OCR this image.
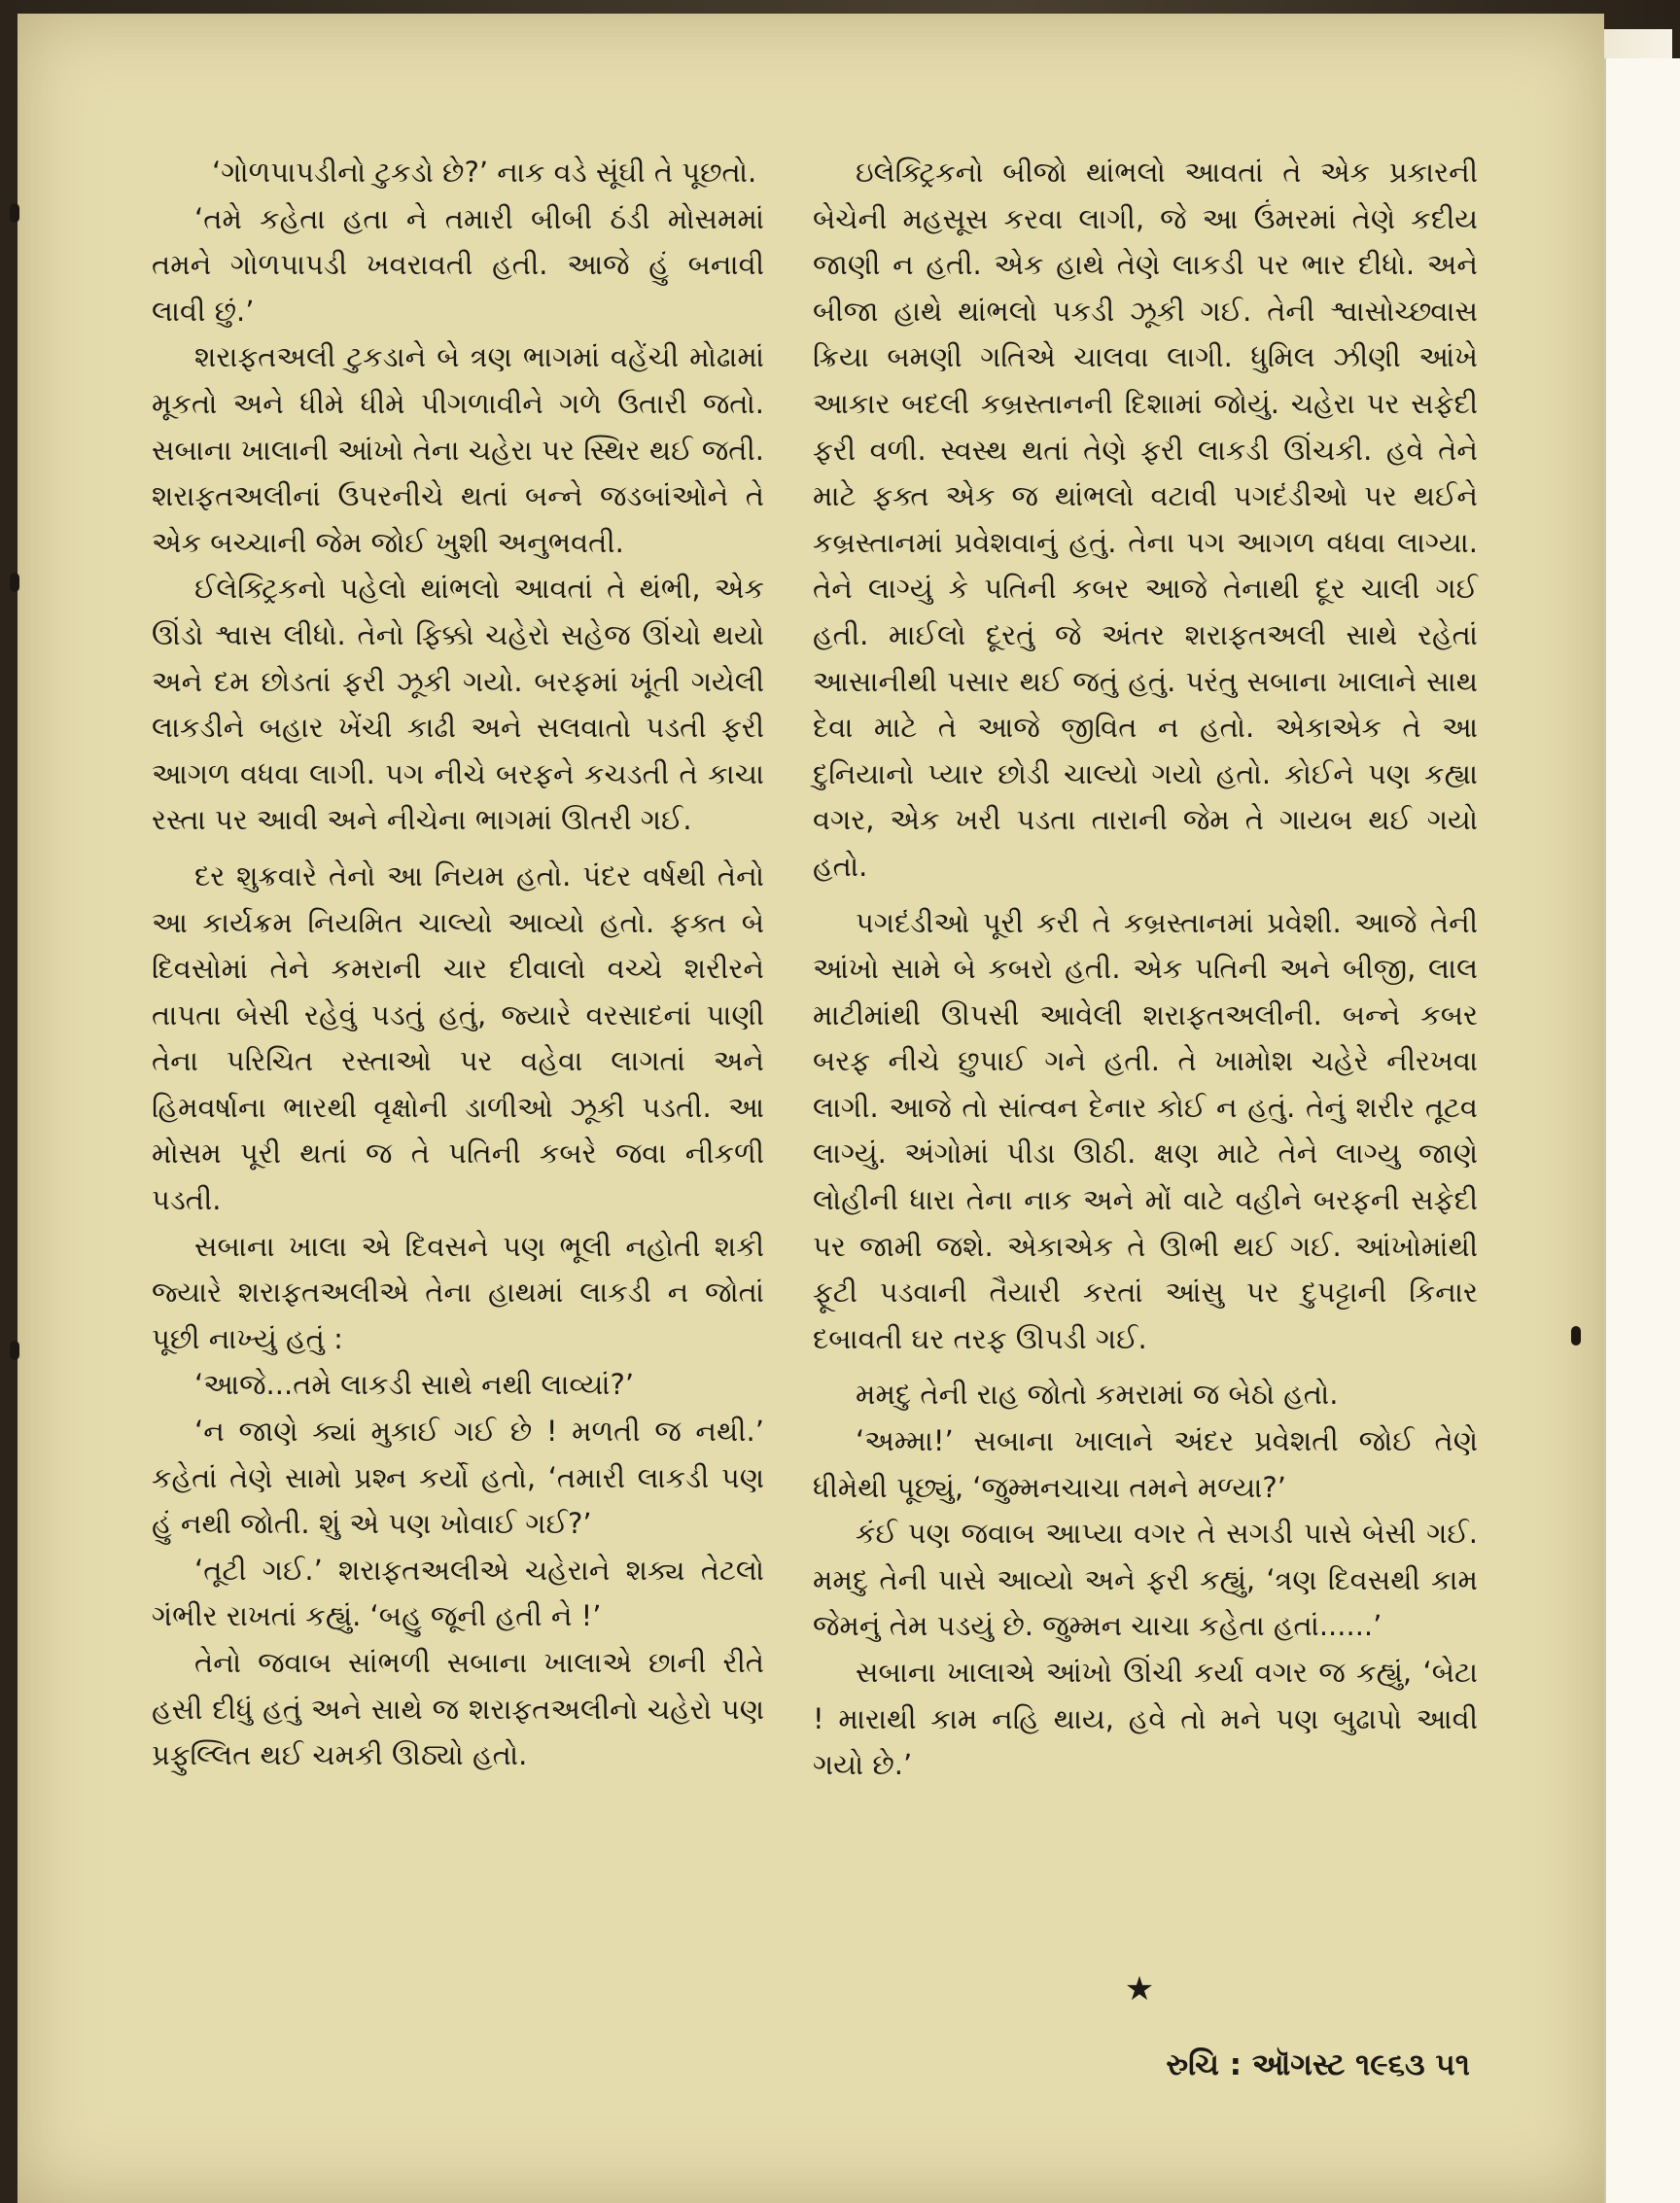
‘ગોળપાપડીનો ટુકડો છે?’ નાક વડે સૂંઘી તે પૂછતો.

‘તમે કહેતા હતા ને તમારી બીબી ઠંડી મોસમમાં તમને ગોળપાપડી ખવરાવતી હતી. આજે હું બનાવી લાવી છું.’

શરાફતઅલી ટુકડાને બે ત્રણ ભાગમાં વહેંચી મોઢામાં મૂકતો અને ધીમે ધીમે પીગળાવીને ગળે ઉતારી જતો. સબાના ખાલાની આંખો તેના ચહેરા પર સ્થિર થઈ જતી. શરાફતઅલીનાં ઉપરનીચે થતાં બન્ને જડબાંઓને તે એક બચ્ચાની જેમ જોઈ ખુશી અનુભવતી.

ઈલેક્ટ્રિકનો પહેલો થાંભલો આવતાં તે થંભી, એક ઊંડો શ્વાસ લીધો. તેનો ફિક્કો ચહેરો સહેજ ઊંચો થયો અને દમ છોડતાં ફરી ઝૂકી ગયો. બરફમાં ખૂંતી ગયેલી લાકડીને બહાર ખેંચી કાઢી અને સલવાતો પડતી ફરી આગળ વધવા લાગી. પગ નીચે બરફને કચડતી તે કાચા રસ્તા પર આવી અને નીચેના ભાગમાં ઊતરી ગઈ.

દર શુક્રવારે તેનો આ નિયમ હતો. પંદર વર્ષથી તેનો આ કાર્યક્રમ નિયમિત ચાલ્યો આવ્યો હતો. ફક્ત બે દિવસોમાં તેને કમરાની ચાર દીવાલો વચ્ચે શરીરને તાપતા બેસી રહેવું પડતું હતું, જ્યારે વરસાદનાં પાણી તેના પરિચિત રસ્તાઓ પર વહેવા લાગતાં અને હિમવર્ષાના ભારથી વૃક્ષોની ડાળીઓ ઝૂકી પડતી. આ મોસમ પૂરી થતાં જ તે પતિની કબરે જવા નીકળી પડતી.

સબાના ખાલા એ દિવસને પણ ભૂલી નહોતી શકી જ્યારે શરાફતઅલીએ તેના હાથમાં લાકડી ન જોતાં પૂછી નાખ્યું હતું :

‘આજે...તમે લાકડી સાથે નથી લાવ્યાં?’

‘ન જાણે ક્યાં મુકાઈ ગઈ છે ! મળતી જ નથી.’ કહેતાં તેણે સામો પ્રશ્ન કર્યો હતો, ‘તમારી લાકડી પણ હું નથી જોતી. શું એ પણ ખોવાઈ ગઈ?’

‘તૂટી ગઈ.’ શરાફતઅલીએ ચહેરાને શક્ય તેટલો ગંભીર રાખતાં કહ્યું. ‘બહુ જૂની હતી ને !’

તેનો જવાબ સાંભળી સબાના ખાલાએ છાની રીતે હસી દીધું હતું અને સાથે જ શરાફતઅલીનો ચહેરો પણ પ્રફુલ્લિત થઈ ચમકી ઊઠ્યો હતો.

ઇલેક્ટ્રિકનો બીજો થાંભલો આવતાં તે એક પ્રકારની બેચેની મહસૂસ કરવા લાગી, જે આ ઉંમરમાં તેણે કદીય જાણી ન હતી. એક હાથે તેણે લાકડી પર ભાર દીધો. અને બીજા હાથે થાંભલો પકડી ઝૂકી ગઈ. તેની શ્વાસોચ્છ્વાસ ક્રિયા બમણી ગતિએ ચાલવા લાગી. ધુમિલ ઝીણી આંખે આકાર બદલી કબ્રસ્તાનની દિશામાં જોયું. ચહેરા પર સફેદી ફરી વળી. સ્વસ્થ થતાં તેણે ફરી લાકડી ઊંચકી. હવે તેને માટે ફક્ત એક જ થાંભલો વટાવી પગદંડીઓ પર થઈને કબ્રસ્તાનમાં પ્રવેશવાનું હતું. તેના પગ આગળ વધવા લાગ્યા. તેને લાગ્યું કે પતિની કબર આજે તેનાથી દૂર ચાલી ગઈ હતી. માઈલો દૂરતું જે અંતર શરાફતઅલી સાથે રહેતાં આસાનીથી પસાર થઈ જતું હતું. પરંતુ સબાના ખાલાને સાથ દેવા માટે તે આજે જીવિત ન હતો. એકાએક તે આ દુનિયાનો પ્યાર છોડી ચાલ્યો ગયો હતો. કોઈને પણ કહ્યા વગર, એક ખરી પડતા તારાની જેમ તે ગાયબ થઈ ગયો હતો.

પગદંડીઓ પૂરી કરી તે કબ્રસ્તાનમાં પ્રવેશી. આજે તેની આંખો સામે બે કબરો હતી. એક પતિની અને બીજી, લાલ માટીમાંથી ઊપસી આવેલી શરાફતઅલીની. બન્ને કબર બરફ નીચે છુપાઈ ગને હતી. તે ખામોશ ચહેરે નીરખવા લાગી. આજે તો સાંત્વન દેનાર કોઈ ન હતું. તેનું શરીર તૂટવ લાગ્યું. અંગોમાં પીડા ઊઠી. ક્ષણ માટે તેને લાગ્યુ જાણે લોહીની ધારા તેના નાક અને મોં વાટે વહીને બરફની સફેદી પર જામી જશે. એકાએક તે ઊભી થઈ ગઈ. આંખોમાંથી ફૂટી પડવાની તૈયારી કરતાં આંસુ પર દુપટ્ટાની કિનાર દબાવતી ઘર તરફ ઊપડી ગઈ.

મમદુ તેની રાહ જોતો કમરામાં જ બેઠો હતો.

‘અમ્મા!’ સબાના ખાલાને અંદર પ્રવેશતી જોઈ તેણે ધીમેથી પૂછ્યું, ‘જુમ્મનચાચા તમને મળ્યા?’

કંઈ પણ જવાબ આપ્યા વગર તે સગડી પાસે બેસી ગઈ. મમદુ તેની પાસે આવ્યો અને ફરી કહ્યું, ‘ત્રણ દિવસથી કામ જેમનું તેમ પડયું છે. જુમ્મન ચાચા કહેતા હતાં......’

સબાના ખાલાએ આંખો ઊંચી કર્યા વગર જ કહ્યું, ‘બેટા ! મારાથી કામ નહિ થાય, હવે તો મને પણ બુઢાપો આવી ગયો છે.’

★
રુચિ : ઑગસ્ટ ૧૯૬૩ ૫૧
